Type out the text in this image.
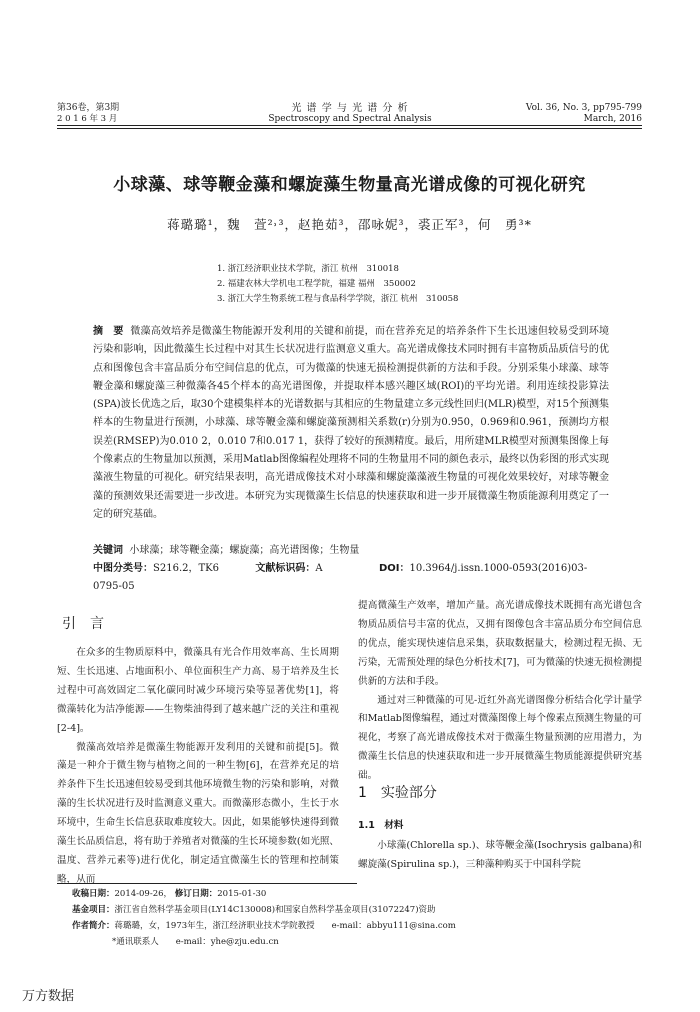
第36卷，第3期
2 0 1 6 年 3 月
光 谱 学 与 光 谱 分 析
Spectroscopy and Spectral Analysis
Vol. 36, No. 3, pp795-799
March, 2016
小球藻、球等鞭金藻和螺旋藻生物量高光谱成像的可视化研究
蒋璐璐¹，魏　萱²˒³，赵艳茹³，邵咏妮³，裘正军³，何　勇³*
1. 浙江经济职业技术学院，浙江 杭州　310018
2. 福建农林大学机电工程学院，福建 福州　350002
3. 浙江大学生物系统工程与食品科学学院，浙江 杭州　310058
摘　要 微藻高效培养是微藻生物能源开发利用的关键和前提，而在营养充足的培养条件下生长迅速但较易受到环境污染和影响，因此微藻生长过程中对其生长状况进行监测意义重大。高光谱成像技术同时拥有丰富物质品质信号的优点和图像包含丰富品质分布空间信息的优点，可为微藻的快速无损检测提供新的方法和手段。分别采集小球藻、球等鞭金藻和螺旋藻三种微藻各45个样本的高光谱图像，并提取样本感兴趣区域(ROI)的平均光谱。利用连续投影算法(SPA)波长优选之后，取30个建模集样本的光谱数据与其相应的生物量建立多元线性回归(MLR)模型，对15个预测集样本的生物量进行预测，小球藻、球等鞭金藻和螺旋藻预测相关系数(r)分别为0.950，0.969和0.961，预测均方根误差(RMSEP)为0.010 2，0.010 7和0.017 1，获得了较好的预测精度。最后，用所建MLR模型对预测集图像上每个像素点的生物量加以预测，采用Matlab图像编程处理将不同的生物量用不同的颜色表示，最终以伪彩图的形式实现藻液生物量的可视化。研究结果表明，高光谱成像技术对小球藻和螺旋藻藻液生物量的可视化效果较好，对球等鞭金藻的预测效果还需要进一步改进。本研究为实现微藻生长信息的快速获取和进一步开展微藻生物质能源利用奠定了一定的研究基础。
关键词 小球藻；球等鞭金藻；螺旋藻；高光谱图像；生物量
中图分类号：S216.2，TK6	文献标识码：A	DOI：10.3964/j.issn.1000-0593(2016)03-0795-05
引　言

在众多的生物质原料中，微藻具有光合作用效率高、生长周期短、生长迅速、占地面积小、单位面积生产力高、易于培养及生长过程中可高效固定二氧化碳同时减少环境污染等显著优势[1]，将微藻转化为洁净能源——生物柴油得到了越来越广泛的关注和重视[2-4]。

微藻高效培养是微藻生物能源开发利用的关键和前提[5]。微藻是一种介于微生物与植物之间的一种生物[6]，在营养充足的培养条件下生长迅速但较易受到其他环境微生物的污染和影响，对微藻的生长状况进行及时监测意义重大。而微藻形态微小，生长于水环境中，生命生长信息获取难度较大。因此，如果能够快速得到微藻生长品质信息，将有助于养殖者对微藻的生长环境参数(如光照、温度、营养元素等)进行优化，制定适宜微藻生长的管理和控制策略，从而

提高微藻生产效率，增加产量。高光谱成像技术既拥有高光谱包含物质品质信号丰富的优点，又拥有图像包含丰富品质分布空间信息的优点，能实现快速信息采集，获取数据量大，检测过程无损、无污染，无需预处理的绿色分析技术[7]，可为微藻的快速无损检测提供新的方法和手段。

通过对三种微藻的可见-近红外高光谱图像分析结合化学计量学和Matlab图像编程，通过对微藻图像上每个像素点预测生物量的可视化，考察了高光谱成像技术对于微藻生物量预测的应用潜力，为微藻生长信息的快速获取和进一步开展微藻生物质能源提供研究基础。

1　实验部分
1.1　材料

小球藻(Chlorella sp.)、球等鞭金藻(Isochrysis galbana)和螺旋藻(Spirulina sp.)，三种藻种购买于中国科学院

收稿日期：2014-09-26， 修订日期：2015-01-30
基金项目：浙江省自然科学基金项目(LY14C130008)和国家自然科学基金项目(31072247)资助
作者简介：蒋璐璐，女，1973年生，浙江经济职业技术学院教授　　e-mail：abbyu111@sina.com
*通讯联系人　　e-mail：yhe@zju.edu.cn
万方数据
